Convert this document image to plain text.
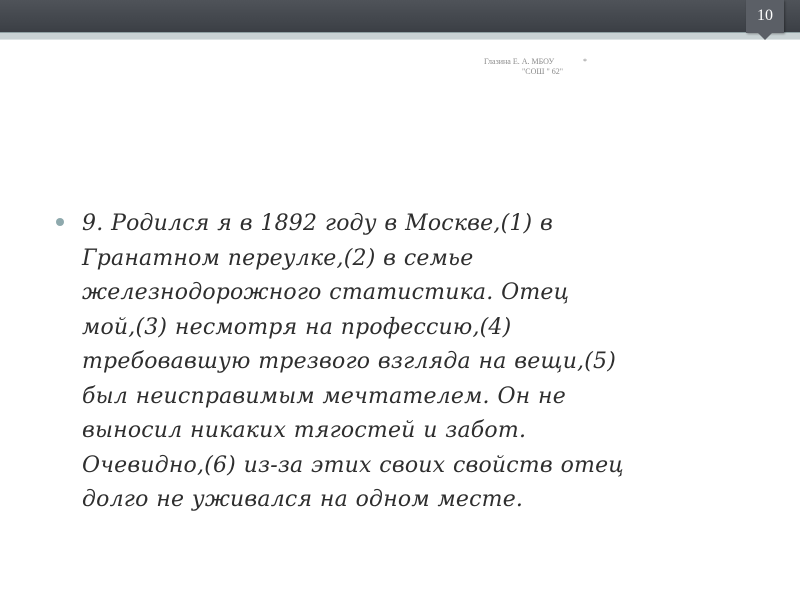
10
Глазина Е. А. МБОУ
"СОШ " 62"
*

9. Родился я в 1892 году в Москве,(1) в
Гранатном переулке,(2) в семье
железнодорожного статистика. Отец
мой,(3) несмотря на профессию,(4)
требовавшую трезвого взгляда на вещи,(5)
был неисправимым мечтателем. Он не
выносил никаких тягостей и забот.
Очевидно,(6) из-за этих своих свойств отец
долго не уживался на одном месте.
